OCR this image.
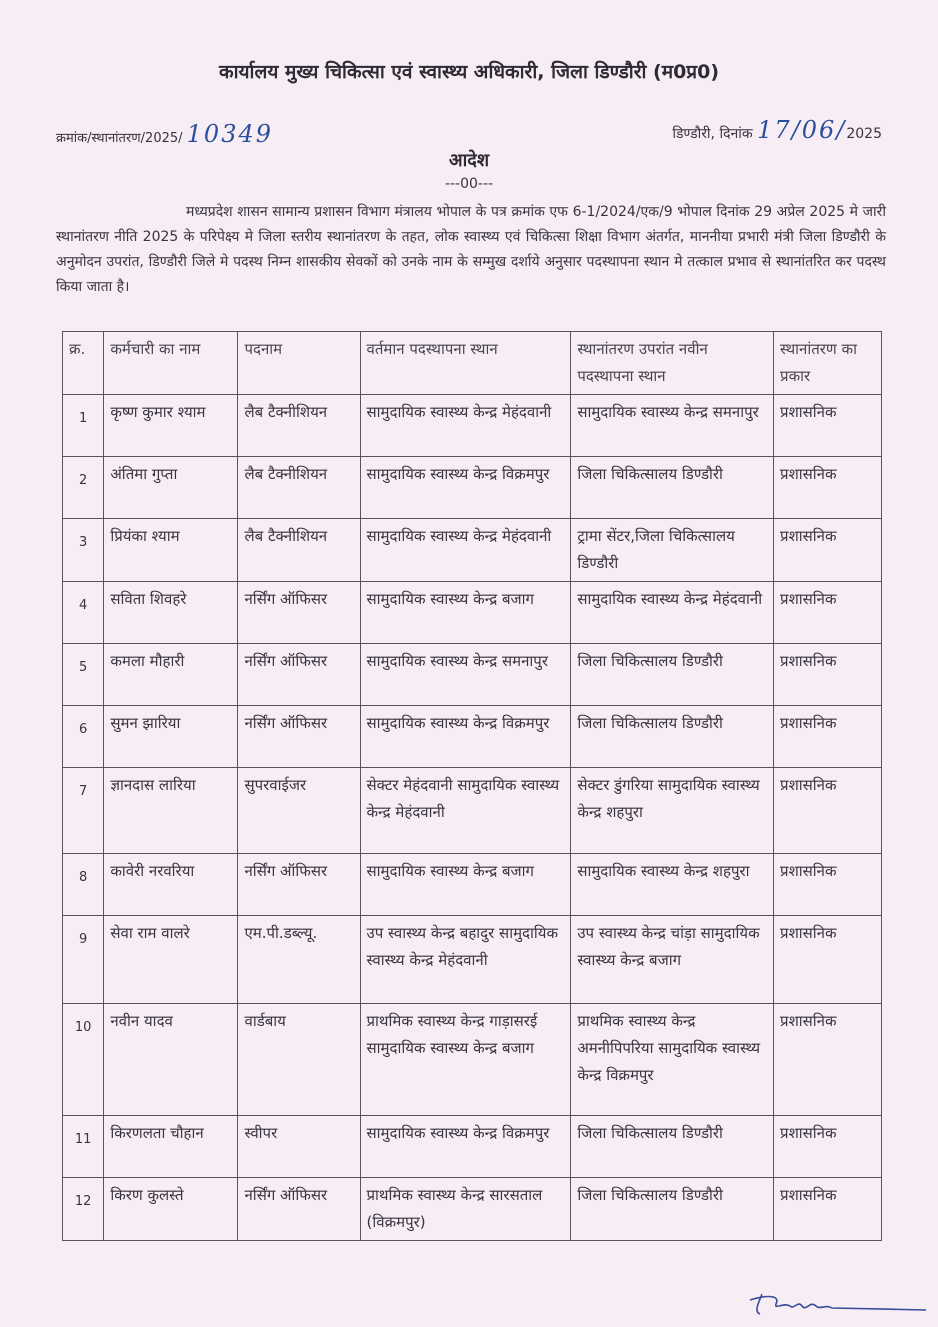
कार्यालय मुख्य चिकित्सा एवं स्वास्थ्य अधिकारी, जिला डिण्डौरी (म0प्र0)
क्रमांक/स्थानांतरण/2025/ 10349	डिण्डौरी, दिनांक 17/06/2025
आदेश
---00---
मध्यप्रदेश शासन सामान्य प्रशासन विभाग मंत्रालय भोपाल के पत्र क्रमांक एफ 6-1/2024/एक/9 भोपाल दिनांक 29 अप्रेल 2025 मे जारी स्थानांतरण नीति 2025 के परिपेक्ष्य मे जिला स्तरीय स्थानांतरण के तहत, लोक स्वास्थ्य एवं चिकित्सा शिक्षा विभाग अंतर्गत, माननीया प्रभारी मंत्री जिला डिण्डौरी के अनुमोदन उपरांत, डिण्डौरी जिले मे पदस्थ निम्न शासकीय सेवकों को उनके नाम के सम्मुख दर्शाये अनुसार पदस्थापना स्थान मे तत्काल प्रभाव से स्थानांतरित कर पदस्थ किया जाता है।
क्र.	कर्मचारी का नाम	पदनाम	वर्तमान पदस्थापना स्थान	स्थानांतरण उपरांत नवीन पदस्थापना स्थान	स्थानांतरण का प्रकार
1	कृष्ण कुमार श्याम	लैब टैक्नीशियन	सामुदायिक स्वास्थ्य केन्द्र मेहंदवानी	सामुदायिक स्वास्थ्य केन्द्र समनापुर	प्रशासनिक
2	अंतिमा गुप्ता	लैब टैक्नीशियन	सामुदायिक स्वास्थ्य केन्द्र विक्रमपुर	जिला चिकित्सालय डिण्डौरी	प्रशासनिक
3	प्रियंका श्याम	लैब टैक्नीशियन	सामुदायिक स्वास्थ्य केन्द्र मेहंदवानी	ट्रामा सेंटर,जिला चिकित्सालय डिण्डौरी	प्रशासनिक
4	सविता शिवहरे	नर्सिंग ऑफिसर	सामुदायिक स्वास्थ्य केन्द्र बजाग	सामुदायिक स्वास्थ्य केन्द्र मेहंदवानी	प्रशासनिक
5	कमला मौहारी	नर्सिंग ऑफिसर	सामुदायिक स्वास्थ्य केन्द्र समनापुर	जिला चिकित्सालय डिण्डौरी	प्रशासनिक
6	सुमन झारिया	नर्सिंग ऑफिसर	सामुदायिक स्वास्थ्य केन्द्र विक्रमपुर	जिला चिकित्सालय डिण्डौरी	प्रशासनिक
7	ज्ञानदास लारिया	सुपरवाईजर	सेक्टर मेहंदवानी सामुदायिक स्वास्थ्य केन्द्र मेहंदवानी	सेक्टर डुंगरिया सामुदायिक स्वास्थ्य केन्द्र शहपुरा	प्रशासनिक
8	कावेरी नरवरिया	नर्सिंग ऑफिसर	सामुदायिक स्वास्थ्य केन्द्र बजाग	सामुदायिक स्वास्थ्य केन्द्र शहपुरा	प्रशासनिक
9	सेवा राम वालरे	एम.पी.डब्ल्यू.	उप स्वास्थ्य केन्द्र बहादुर सामुदायिक स्वास्थ्य केन्द्र मेहंदवानी	उप स्वास्थ्य केन्द्र चांड़ा सामुदायिक स्वास्थ्य केन्द्र बजाग	प्रशासनिक
10	नवीन यादव	वार्डबाय	प्राथमिक स्वास्थ्य केन्द्र गाड़ासरई सामुदायिक स्वास्थ्य केन्द्र बजाग	प्राथमिक स्वास्थ्य केन्द्र अमनीपिपरिया सामुदायिक स्वास्थ्य केन्द्र विक्रमपुर	प्रशासनिक
11	किरणलता चौहान	स्वीपर	सामुदायिक स्वास्थ्य केन्द्र विक्रमपुर	जिला चिकित्सालय डिण्डौरी	प्रशासनिक
12	किरण कुलस्ते	नर्सिंग ऑफिसर	प्राथमिक स्वास्थ्य केन्द्र सारसताल (विक्रमपुर)	जिला चिकित्सालय डिण्डौरी	प्रशासनिक
